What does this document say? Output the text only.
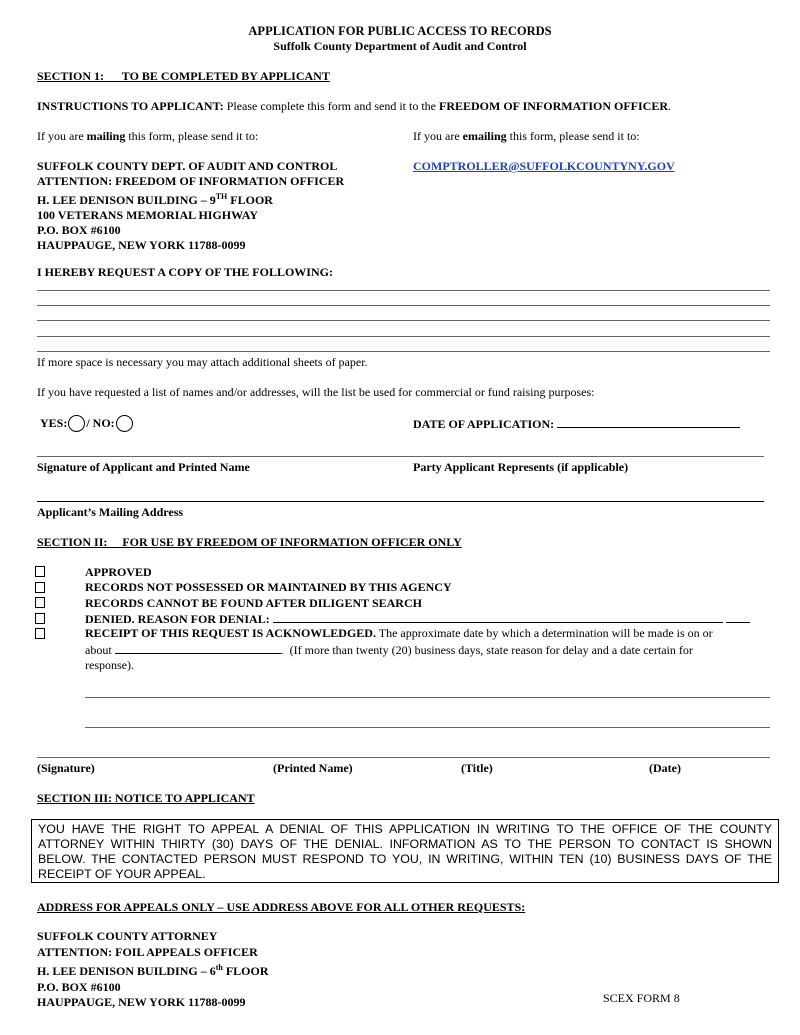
APPLICATION FOR PUBLIC ACCESS TO RECORDS
Suffolk County Department of Audit and Control
SECTION 1:      TO BE COMPLETED BY APPLICANT
INSTRUCTIONS TO APPLICANT: Please complete this form and send it to the FREEDOM OF INFORMATION OFFICER.
If you are mailing this form, please send it to:	If you are emailing this form, please send it to:
SUFFOLK COUNTY DEPT. OF AUDIT AND CONTROL
ATTENTION: FREEDOM OF INFORMATION OFFICER
H. LEE DENISON BUILDING – 9TH FLOOR
100 VETERANS MEMORIAL HIGHWAY
P.O. BOX #6100
HAUPPAUGE, NEW YORK 11788-0099
COMPTROLLER@SUFFOLKCOUNTYNY.GOV
I HEREBY REQUEST A COPY OF THE FOLLOWING:
If more space is necessary you may attach additional sheets of paper.
If you have requested a list of names and/or addresses, will the list be used for commercial or fund raising purposes:
YES: / NO:	DATE OF APPLICATION:
Signature of Applicant and Printed Name	Party Applicant Represents (if applicable)
Applicant’s Mailing Address
SECTION II:     FOR USE BY FREEDOM OF INFORMATION OFFICER ONLY
APPROVED
RECORDS NOT POSSESSED OR MAINTAINED BY THIS AGENCY
RECORDS CANNOT BE FOUND AFTER DILIGENT SEARCH
DENIED. REASON FOR DENIAL:
RECEIPT OF THIS REQUEST IS ACKNOWLEDGED. The approximate date by which a determination will be made is on or
about	.  (If more than twenty (20) business days, state reason for delay and a date certain for
response).
(Signature)	(Printed Name)	(Title)	(Date)
SECTION III: NOTICE TO APPLICANT
YOU HAVE THE RIGHT TO APPEAL A DENIAL OF THIS APPLICATION IN WRITING TO THE OFFICE OF THE COUNTY ATTORNEY WITHIN THIRTY (30) DAYS OF THE DENIAL. INFORMATION AS TO THE PERSON TO CONTACT IS SHOWN BELOW. THE CONTACTED PERSON MUST RESPOND TO YOU, IN WRITING, WITHIN TEN (10) BUSINESS DAYS OF THE RECEIPT OF YOUR APPEAL.
ADDRESS FOR APPEALS ONLY – USE ADDRESS ABOVE FOR ALL OTHER REQUESTS:
SUFFOLK COUNTY ATTORNEY
ATTENTION: FOIL APPEALS OFFICER
H. LEE DENISON BUILDING – 6th FLOOR
P.O. BOX #6100
HAUPPAUGE, NEW YORK 11788-0099	SCEX FORM 8
